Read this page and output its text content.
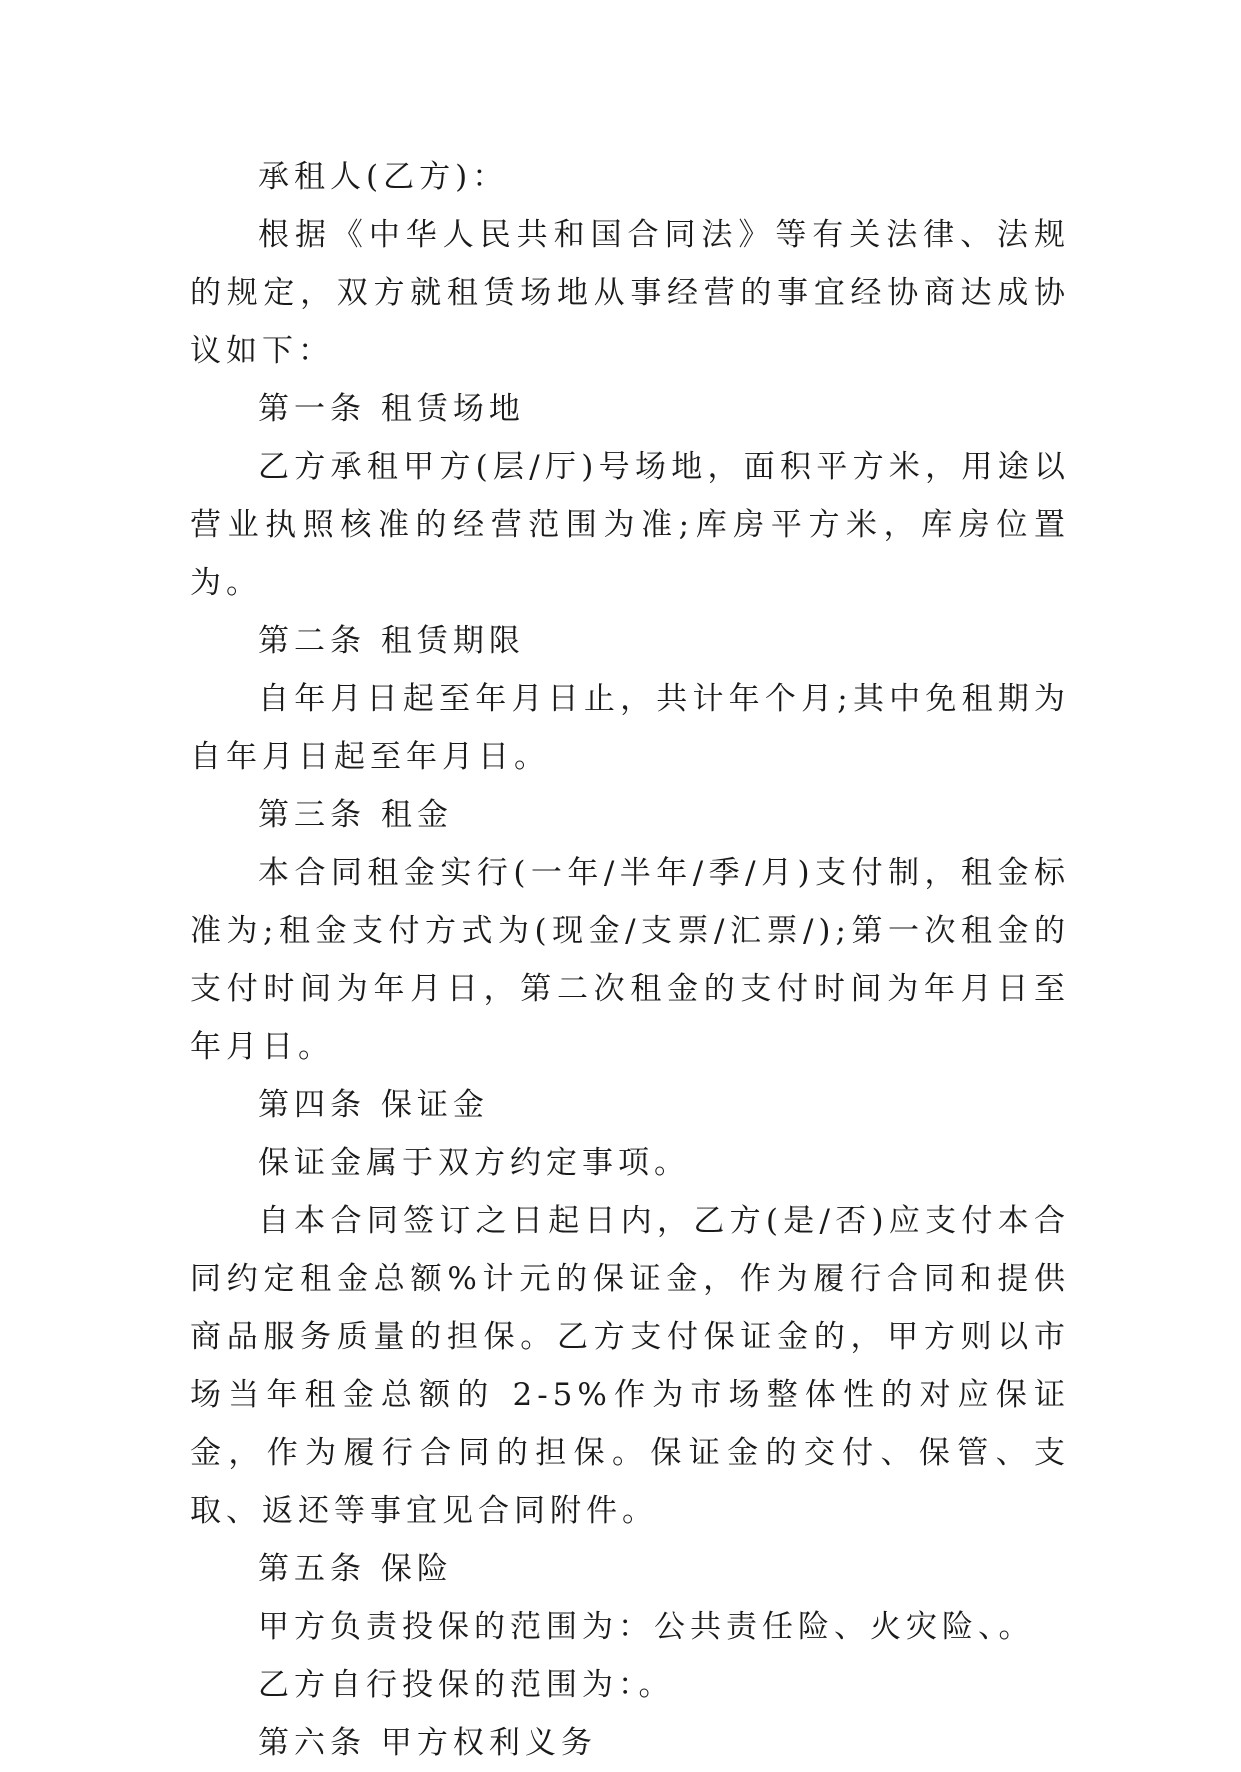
承租人(乙方)：

根据《中华人民共和国合同法》等有关法律、法规的规定，双方就租赁场地从事经营的事宜经协商达成协议如下：

第一条 租赁场地

乙方承租甲方(层/厅)号场地，面积平方米，用途以营业执照核准的经营范围为准;库房平方米，库房位置为。

第二条 租赁期限

自年月日起至年月日止，共计年个月;其中免租期为自年月日起至年月日。

第三条 租金

本合同租金实行(一年/半年/季/月)支付制，租金标准为;租金支付方式为(现金/支票/汇票/);第一次租金的支付时间为年月日，第二次租金的支付时间为年月日至年月日。

第四条 保证金

保证金属于双方约定事项。

自本合同签订之日起日内，乙方(是/否)应支付本合同约定租金总额%计元的保证金，作为履行合同和提供商品服务质量的担保。乙方支付保证金的，甲方则以市场当年租金总额的 2-5%作为市场整体性的对应保证金，作为履行合同的担保。保证金的交付、保管、支取、返还等事宜见合同附件。

第五条 保险

甲方负责投保的范围为：公共责任险、火灾险、。

乙方自行投保的范围为：。

第六条 甲方权利义务
